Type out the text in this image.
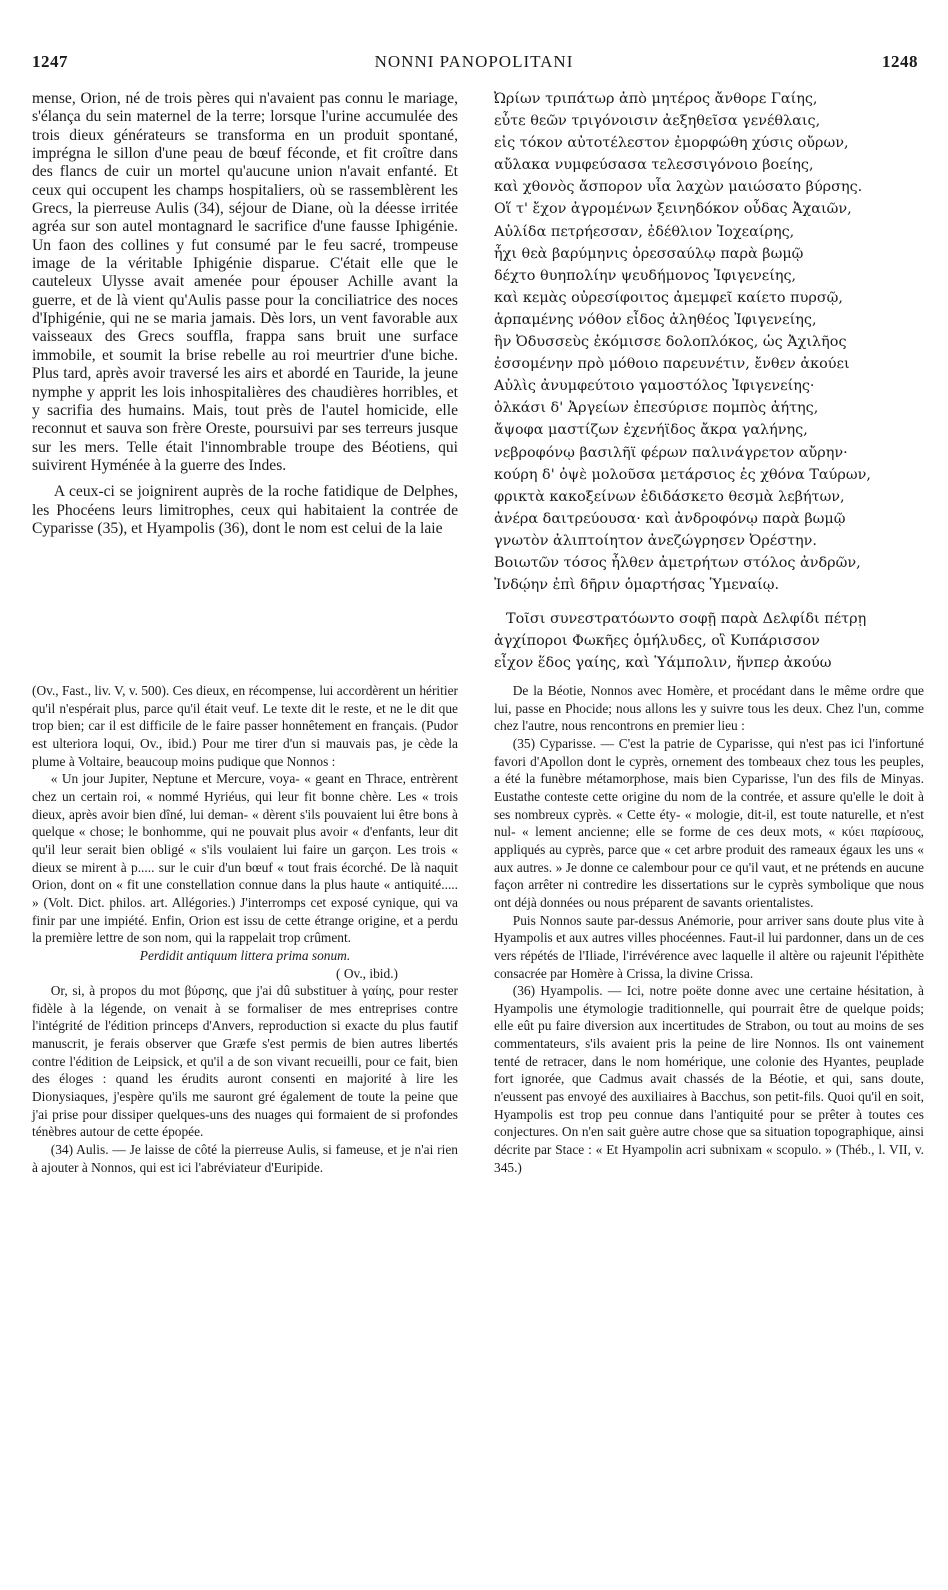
1247	NONNI PANOPOLITANI	1248

mense, Orion, né de trois pères qui n'avaient pas connu le mariage, s'élança du sein maternel de la terre; lorsque l'urine accumulée des trois dieux générateurs se transforma en un produit spontané, imprégna le sillon d'une peau de bœuf féconde, et fit croître dans des flancs de cuir un mortel qu'aucune union n'avait enfanté. Et ceux qui occupent les champs hospitaliers, où se rassemblèrent les Grecs, la pierreuse Aulis (34), séjour de Diane, où la déesse irritée agréa sur son autel montagnard le sacrifice d'une fausse Iphigénie. Un faon des collines y fut consumé par le feu sacré, trompeuse image de la véritable Iphigénie disparue. C'était elle que le cauteleux Ulysse avait amenée pour épouser Achille avant la guerre, et de là vient qu'Aulis passe pour la conciliatrice des noces d'Iphigénie, qui ne se maria jamais. Dès lors, un vent favorable aux vaisseaux des Grecs souffla, frappa sans bruit une surface immobile, et soumit la brise rebelle au roi meurtrier d'une biche. Plus tard, après avoir traversé les airs et abordé en Tauride, la jeune nymphe y apprit les lois inhospitalières des chaudières horribles, et y sacrifia des humains. Mais, tout près de l'autel homicide, elle reconnut et sauva son frère Oreste, poursuivi par ses terreurs jusque sur les mers. Telle était l'innombrable troupe des Béotiens, qui suivirent Hyménée à la guerre des Indes.

A ceux-ci se joignirent auprès de la roche fatidique de Delphes, les Phocéens leurs limitrophes, ceux qui habitaient la contrée de Cyparisse (35), et Hyampolis (36), dont le nom est celui de la laie

Ὠρίων τριπάτωρ ἀπὸ μητέρος ἄνθορε Γαίης,
εὖτε θεῶν τριγόνοισιν ἀεξηθεῖσα γενέθλαις,
εἰς τόκον αὐτοτέλεστον ἐμορφώθη χύσις οὔρων,
αὔλακα νυμφεύσασα τελεσσιγόνοιο βοείης,
καὶ χθονὸς ἄσπορον υἷα λαχὼν μαιώσατο βύρσης.
Οἵ τ' ἔχον ἀγρομένων ξεινηδόκον οὖδας Ἀχαιῶν,
Αὐλίδα πετρήεσσαν, ἐδέθλιον Ἰοχεαίρης,
ἧχι θεὰ βαρύμηνις ὀρεσσαύλῳ παρὰ βωμῷ
δέχτο θυηπολίην ψευδήμονος Ἰφιγενείης,
καὶ κεμὰς οὐρεσίφοιτος ἀμεμφεῖ καίετο πυρσῷ,
ἁρπαμένης νόθον εἶδος ἀληθέος Ἰφιγενείης,
ἣν Ὀδυσσεὺς ἐκόμισσε δολοπλόκος, ὡς Ἀχιλῆος
ἐσσομένην πρὸ μόθοιο παρευνέτιν, ἔνθεν ἀκούει
Αὐλὶς ἀνυμφεύτοιο γαμοστόλος Ἰφιγενείης·
ὁλκάσι δ' Ἀργείων ἐπεσύρισε πομπὸς ἀήτης,
ἄψοφα μαστίζων ἐχενήϊδος ἄκρα γαλήνης,
νεβροφόνῳ βασιλῆϊ φέρων παλινάγρετον αὔρην·
κούρη δ' ὀψὲ μολοῦσα μετάρσιος ἐς χθόνα Ταύρων,
φρικτὰ κακοξείνων ἐδιδάσκετο θεσμὰ λεβήτων,
ἀνέρα δαιτρεύουσα· καὶ ἀνδροφόνῳ παρὰ βωμῷ
γνωτὸν ἀλιπτοίητον ἀνεζώγρησεν Ὀρέστην.
Βοιωτῶν τόσος ἦλθεν ἀμετρήτων στόλος ἀνδρῶν,
Ἰνδῴην ἐπὶ δῆριν ὁμαρτήσας Ὑμεναίῳ.
Τοῖσι συνεστρατόωντο σοφῇ παρὰ Δελφίδι πέτρῃ
ἀγχίποροι Φωκῆες ὁμήλυδες, οἳ Κυπάρισσον
εἶχον ἕδος γαίης, καὶ Ὑάμπολιν, ἥνπερ ἀκούω

(Ov., Fast., liv. V, v. 500). Ces dieux, en récompense, lui accordèrent un héritier qu'il n'espérait plus, parce qu'il était veuf. Le texte dit le reste, et ne le dit que trop bien; car il est difficile de le faire passer honnêtement en français. (Pudor est ulteriora loqui, Ov., ibid.) Pour me tirer d'un si mauvais pas, je cède la plume à Voltaire, beaucoup moins pudique que Nonnos :

« Un jour Jupiter, Neptune et Mercure, voya- « geant en Thrace, entrèrent chez un certain roi, « nommé Hyriéus, qui leur fit bonne chère. Les « trois dieux, après avoir bien dîné, lui deman- « dèrent s'ils pouvaient lui être bons à quelque « chose; le bonhomme, qui ne pouvait plus avoir « d'enfants, leur dit qu'il leur serait bien obligé « s'ils voulaient lui faire un garçon. Les trois « dieux se mirent à p..... sur le cuir d'un bœuf « tout frais écorché. De là naquit Orion, dont on « fit une constellation connue dans la plus haute « antiquité..... » (Volt. Dict. philos. art. Allégories.) J'interromps cet exposé cynique, qui va finir par une impiété. Enfin, Orion est issu de cette étrange origine, et a perdu la première lettre de son nom, qui la rappelait trop crûment.

Perdidit antiquum littera prima sonum.

( Ov., ibid.)

Or, si, à propos du mot βύρσης, que j'ai dû substituer à γαίης, pour rester fidèle à la légende, on venait à se formaliser de mes entreprises contre l'intégrité de l'édition princeps d'Anvers, reproduction si exacte du plus fautif manuscrit, je ferais observer que Græfe s'est permis de bien autres libertés contre l'édition de Leipsick, et qu'il a de son vivant recueilli, pour ce fait, bien des éloges : quand les érudits auront consenti en majorité à lire les Dionysiaques, j'espère qu'ils me sauront gré également de toute la peine que j'ai prise pour dissiper quelques-uns des nuages qui formaient de si profondes ténèbres autour de cette épopée.

(34) Aulis. — Je laisse de côté la pierreuse Aulis, si fameuse, et je n'ai rien à ajouter à Nonnos, qui est ici l'abréviateur d'Euripide.

De la Béotie, Nonnos avec Homère, et procédant dans le même ordre que lui, passe en Phocide; nous allons les y suivre tous les deux. Chez l'un, comme chez l'autre, nous rencontrons en premier lieu :

(35) Cyparisse. — C'est la patrie de Cyparisse, qui n'est pas ici l'infortuné favori d'Apollon dont le cyprès, ornement des tombeaux chez tous les peuples, a été la funèbre métamorphose, mais bien Cyparisse, l'un des fils de Minyas. Eustathe conteste cette origine du nom de la contrée, et assure qu'elle le doit à ses nombreux cyprès. « Cette éty- « mologie, dit-il, est toute naturelle, et n'est nul- « lement ancienne; elle se forme de ces deux mots, « κύει παρίσους, appliqués au cyprès, parce que « cet arbre produit des rameaux égaux les uns « aux autres. » Je donne ce calembour pour ce qu'il vaut, et ne prétends en aucune façon arrêter ni contredire les dissertations sur le cyprès symbolique que nous ont déjà données ou nous préparent de savants orientalistes.

Puis Nonnos saute par-dessus Anémorie, pour arriver sans doute plus vite à Hyampolis et aux autres villes phocéennes. Faut-il lui pardonner, dans un de ces vers répétés de l'Iliade, l'irrévérence avec laquelle il altère ou rajeunit l'épithète consacrée par Homère à Crissa, la divine Crissa.

(36) Hyampolis. — Ici, notre poëte donne avec une certaine hésitation, à Hyampolis une étymologie traditionnelle, qui pourrait être de quelque poids; elle eût pu faire diversion aux incertitudes de Strabon, ou tout au moins de ses commentateurs, s'ils avaient pris la peine de lire Nonnos. Ils ont vainement tenté de retracer, dans le nom homérique, une colonie des Hyantes, peuplade fort ignorée, que Cadmus avait chassés de la Béotie, et qui, sans doute, n'eussent pas envoyé des auxiliaires à Bacchus, son petit-fils. Quoi qu'il en soit, Hyampolis est trop peu connue dans l'antiquité pour se prêter à toutes ces conjectures. On n'en sait guère autre chose que sa situation topographique, ainsi décrite par Stace : « Et Hyampolin acri subnixam « scopulo. » (Théb., l. VII, v. 345.)
